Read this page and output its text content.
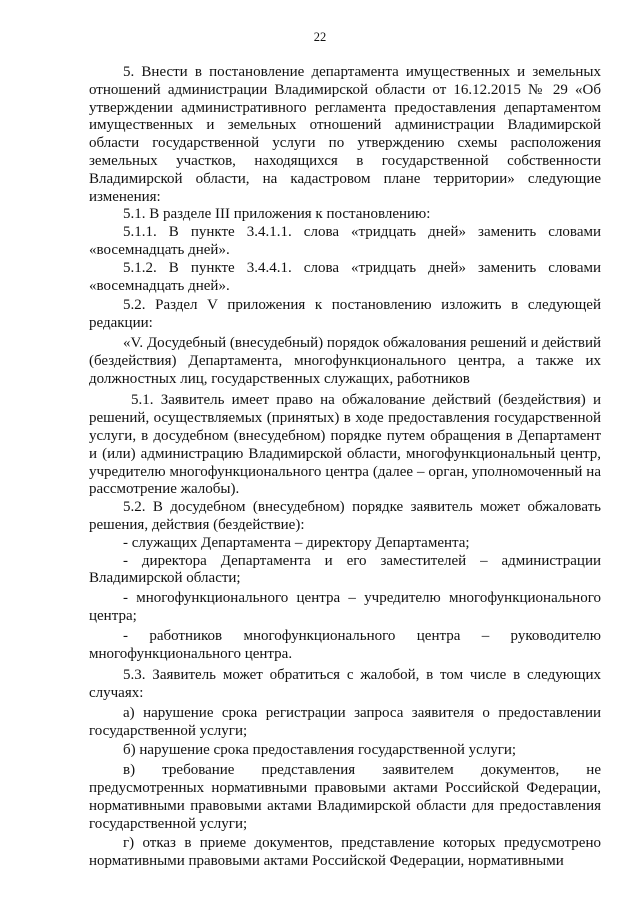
22

5. Внести в постановление департамента имущественных и земельных отношений администрации Владимирской области от 16.12.2015 № 29 «Об утверждении административного регламента предоставления департаментом имущественных и земельных отношений администрации Владимирской области государственной услуги по утверждению схемы расположения земельных участков, находящихся в государственной собственности Владимирской области, на кадастровом плане территории» следующие изменения:

5.1. В разделе III приложения к постановлению:

5.1.1. В пункте 3.4.1.1. слова «тридцать дней» заменить словами «восемнадцать дней».

5.1.2. В пункте 3.4.4.1. слова «тридцать дней» заменить словами «восемнадцать дней».

5.2. Раздел V приложения к постановлению изложить в следующей редакции:

«V. Досудебный (внесудебный) порядок обжалования решений и действий (бездействия) Департамента, многофункционального центра, а также их должностных лиц, государственных служащих, работников

5.1. Заявитель имеет право на обжалование действий (бездействия) и решений, осуществляемых (принятых) в ходе предоставления государственной услуги, в досудебном (внесудебном) порядке путем обращения в Департамент и (или) администрацию Владимирской области, многофункциональный центр, учредителю многофункционального центра (далее – орган, уполномоченный на рассмотрение жалобы).

5.2. В досудебном (внесудебном) порядке заявитель может обжаловать решения, действия (бездействие):

- служащих Департамента – директору Департамента;

- директора Департамента и его заместителей – администрации Владимирской области;

- многофункционального центра – учредителю многофункционального центра;

- работников многофункционального центра – руководителю многофункционального центра.

5.3. Заявитель может обратиться с жалобой, в том числе в следующих случаях:

а) нарушение срока регистрации запроса заявителя о предоставлении государственной услуги;

б) нарушение срока предоставления государственной услуги;

в) требование представления заявителем документов, не предусмотренных нормативными правовыми актами Российской Федерации, нормативными правовыми актами Владимирской области для предоставления государственной услуги;

г) отказ в приеме документов, представление которых предусмотрено нормативными правовыми актами Российской Федерации, нормативными
